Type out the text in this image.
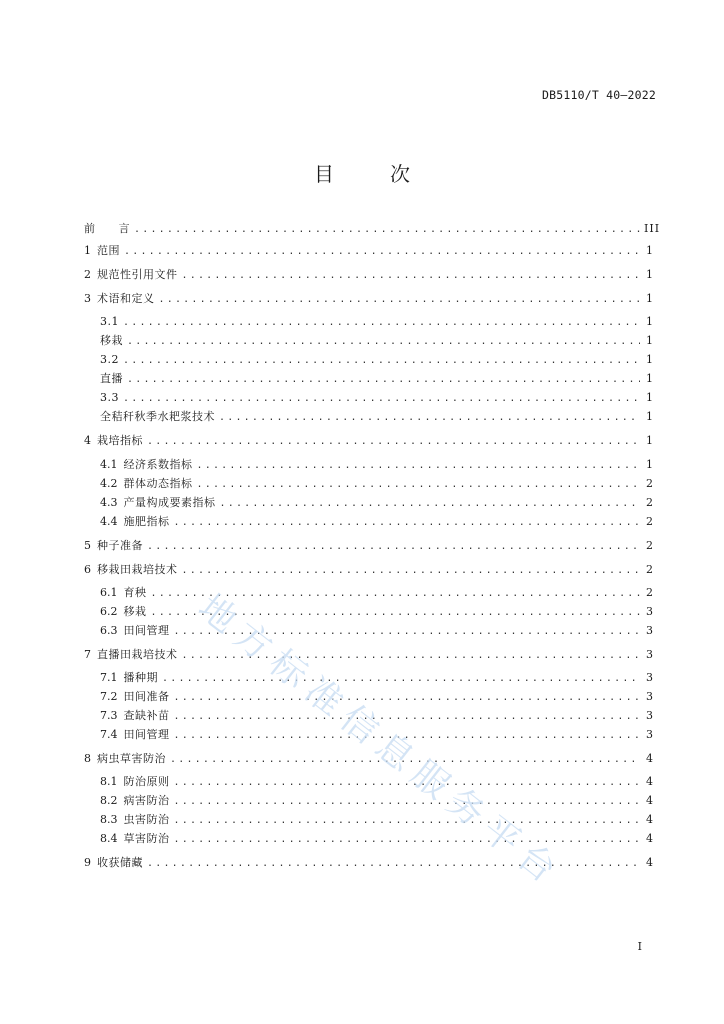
DB5110/T 40—2022
目　次
前　　言 .....	III
1 范围 .....	1
2 规范性引用文件 .....	1
3 术语和定义 .....	1
3.1 .....	1
移栽 .....	1
3.2 .....	1
直播 .....	1
3.3 .....	1
全秸秆秋季水耙浆技术 .....	1
4 栽培指标 .....	1
4.1 经济系数指标 .....	1
4.2 群体动态指标 .....	2
4.3 产量构成要素指标 .....	2
4.4 施肥指标 .....	2
5 种子准备 .....	2
6 移栽田栽培技术 .....	2
6.1 育秧 .....	2
6.2 移栽 .....	3
6.3 田间管理 .....	3
7 直播田栽培技术 .....	3
7.1 播种期 .....	3
7.2 田间准备 .....	3
7.3 查缺补苗 .....	3
7.4 田间管理 .....	3
8 病虫草害防治 .....	4
8.1 防治原则 .....	4
8.2 病害防治 .....	4
8.3 虫害防治 .....	4
8.4 草害防治 .....	4
9 收获储藏 .....	4
地方标准信息服务平台
I
